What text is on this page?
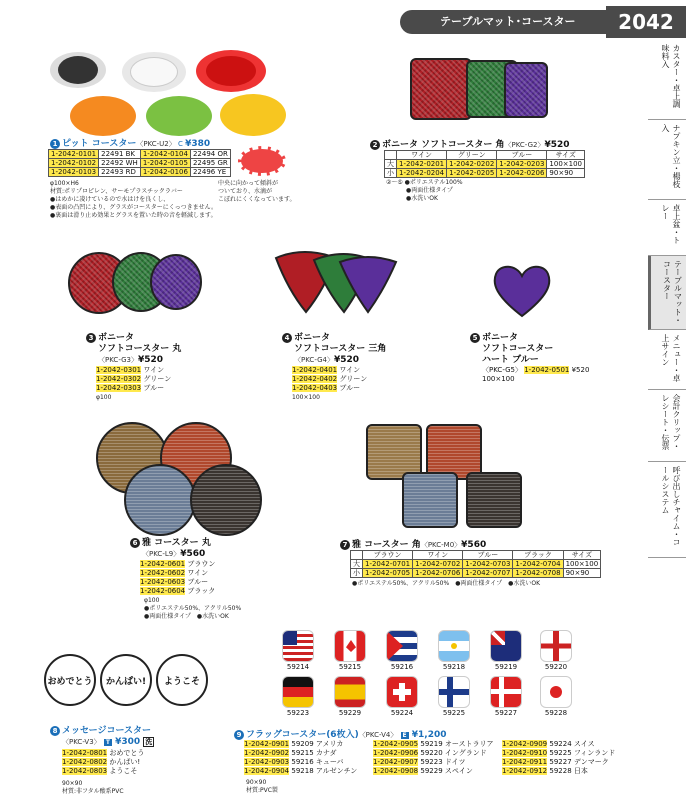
テーブルマット･コースター	2042
カスター・卓上調味料入
ナプキン立・楊枝入
卓上盆・トレー
テーブルマット・コースター
メニュー・卓上サイン
会計クリップ・レシート・伝票
呼び出しチャイム・コールシステム
1 ピット コースター〈PKC-U2〉 C ¥380
1-2042-0101	22491 BK	1-2042-0104	22494 OR
1-2042-0102	22492 WH	1-2042-0105	22495 GR
1-2042-0103	22493 RD	1-2042-0106	22496 YE
φ100×H6
材質:ポリプロピレン、サーモプラスチックラバー
●はめかに凌けているので水はけを良くし、
●表面の凸凹により、グラスがコースターにくっつきません。
●裏面は滑り止め効果とグラスを置いた時の音を軽減します。
中央に向かって傾斜が
ついており、水滴が
こぼれにくくなっています。
2 ボニータ ソフトコースター 角〈PKC-G2〉¥520
	ワイン	グリーン	ブルー	サイズ
大	1-2042-0201	1-2042-0202	1-2042-0203	100×100
小	1-2042-0204	1-2042-0205	1-2042-0206	90×90
②～⑤ ●ポリエステル100%
●両面仕様タイプ
●水洗いOK
3 ボニータ
ソフトコースター 丸
〈PKC-G3〉¥520
1-2042-0301 ワイン
1-2042-0302 グリーン
1-2042-0303 ブルー
φ100
4 ボニータ
ソフトコースター 三角
〈PKC-G4〉¥520
1-2042-0401 ワイン
1-2042-0402 グリーン
1-2042-0403 ブルー
100×100
5 ボニータ
ソフトコースター
ハート ブルー
〈PKC-G5〉 1-2042-0501 ¥520
100×100
6 雅 コースター 丸
〈PKC-L9〉¥560
1-2042-0601 ブラウン
1-2042-0602 ワイン
1-2042-0603 ブルー
1-2042-0604 ブラック
φ100
●ポリエステル50%、アクリル50%
●両面仕様タイプ　●水洗いOK
7 雅 コースター 角〈PKC-M0〉¥560
	ブラウン	ワイン	ブルー	ブラック	サイズ
大	1-2042-0701	1-2042-0702	1-2042-0703	1-2042-0704	100×100
小	1-2042-0705	1-2042-0706	1-2042-0707	1-2042-0708	90×90
●ポリエステル50%、アクリル50%　●両面仕様タイプ　●水洗いOK
おめでとう	かんぱい!	ようこそ
8 メッセージコースター
〈PKC-V3〉 T ¥300 洗
1-2042-0801 おめでとう
1-2042-0802 かんぱい!
1-2042-0803 ようこそ
90×90
材質:非フタル酸系PVC
59214	59215	59216	59218	59219	59220
59223	59229	59224	59225	59227	59228
9 フラッグコースター(6枚入)〈PKC-V4〉 E ¥1,200
1-2042-0901 59209 アメリカ
1-2042-0902 59215 カナダ
1-2042-0903 59216 キューバ
1-2042-0904 59218 アルゼンチン
1-2042-0905 59219 オーストラリア
1-2042-0906 59220 イングランド
1-2042-0907 59223 ドイツ
1-2042-0908 59229 スペイン
1-2042-0909 59224 スイス
1-2042-0910 59225 フィンランド
1-2042-0911 59227 デンマーク
1-2042-0912 59228 日本
90×90
材質:PVC製
